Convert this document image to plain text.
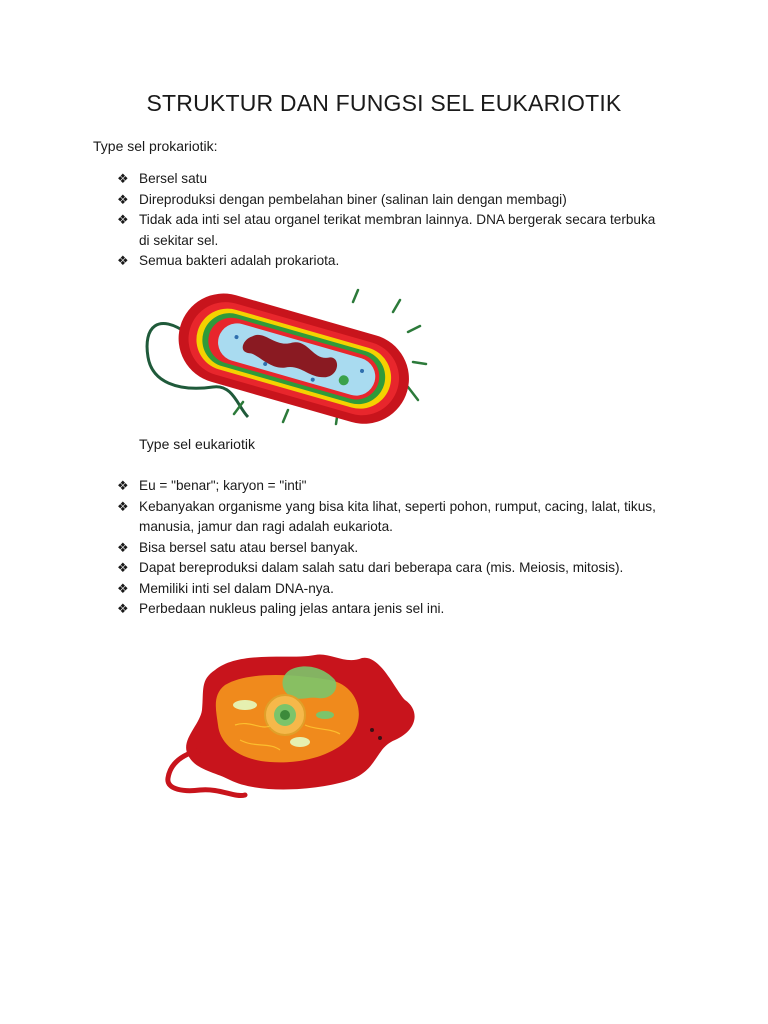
STRUKTUR DAN FUNGSI SEL EUKARIOTIK

Type sel prokariotik:

❖ Bersel satu
❖ Direproduksi dengan pembelahan biner (salinan lain dengan membagi)
❖ Tidak ada inti sel atau organel terikat membran lainnya. DNA bergerak secara terbuka di sekitar sel.
❖ Semua bakteri adalah prokariota.

Type sel eukariotik

❖ Eu = "benar"; karyon = "inti"
❖ Kebanyakan organisme yang bisa kita lihat, seperti pohon, rumput, cacing, lalat, tikus, manusia, jamur dan ragi adalah eukariota.
❖ Bisa bersel satu atau bersel banyak.
❖ Dapat bereproduksi dalam salah satu dari beberapa cara (mis. Meiosis, mitosis).
❖ Memiliki inti sel dalam DNA-nya.
❖ Perbedaan nukleus paling jelas antara jenis sel ini.
